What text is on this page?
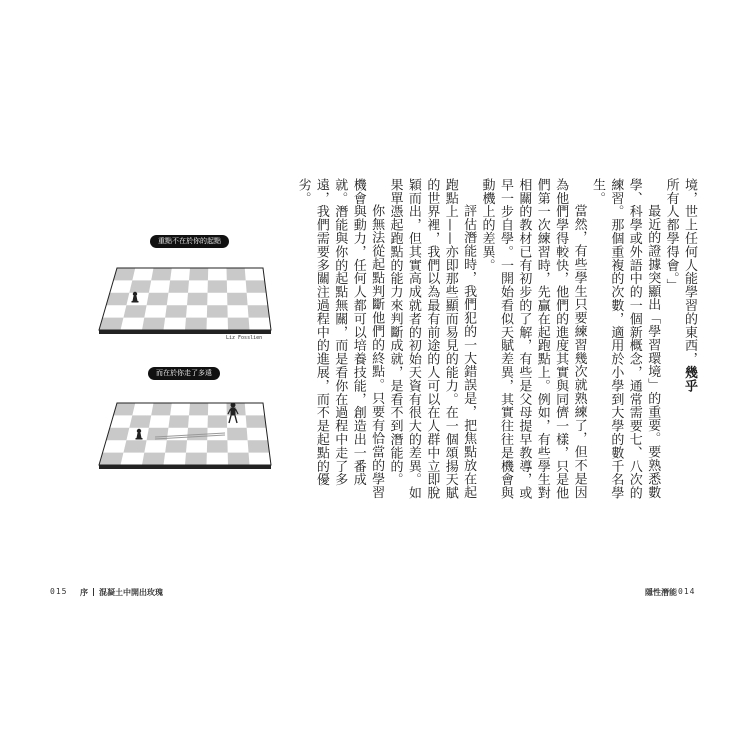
重點不在於你的起點
Liz Fosslien
而在於你走了多遠

境，世上任何人能學習的東西，幾乎所有人都學得會。」

最近的證據突顯出「學習環境」的重要。要熟悉數學、科學或外語中的一個新概念，通常需要七、八次的練習。那個重複的次數，適用於小學到大學的數千名學生。

當然，有些學生只要練習幾次就熟練了，但不是因為他們學得較快，他們的進度其實與同儕一樣，只是他們第一次練習時，先贏在起跑點上。例如，有些學生對相關的教材已有初步的了解，有些是父母提早教導，或早一步自學。一開始看似天賦差異，其實往往是機會與動機上的差異。

評估潛能時，我們犯的一大錯誤是，把焦點放在起跑點上——亦即那些顯而易見的能力。在一個頌揚天賦的世界裡，我們以為最有前途的人可以在人群中立即脫穎而出，但其實高成就者的初始天資有很大的差異。如果單憑起跑點的能力來判斷成就，是看不到潛能的。

你無法從起點判斷他們的終點。只要有恰當的學習機會與動力，任何人都可以培養技能，創造出一番成就。潛能與你的起點無關，而是看你在過程中走了多遠，我們需要多關注過程中的進展，而不是起點的優劣。

015 序 混凝土中開出玫瑰	隱性潛能 014
